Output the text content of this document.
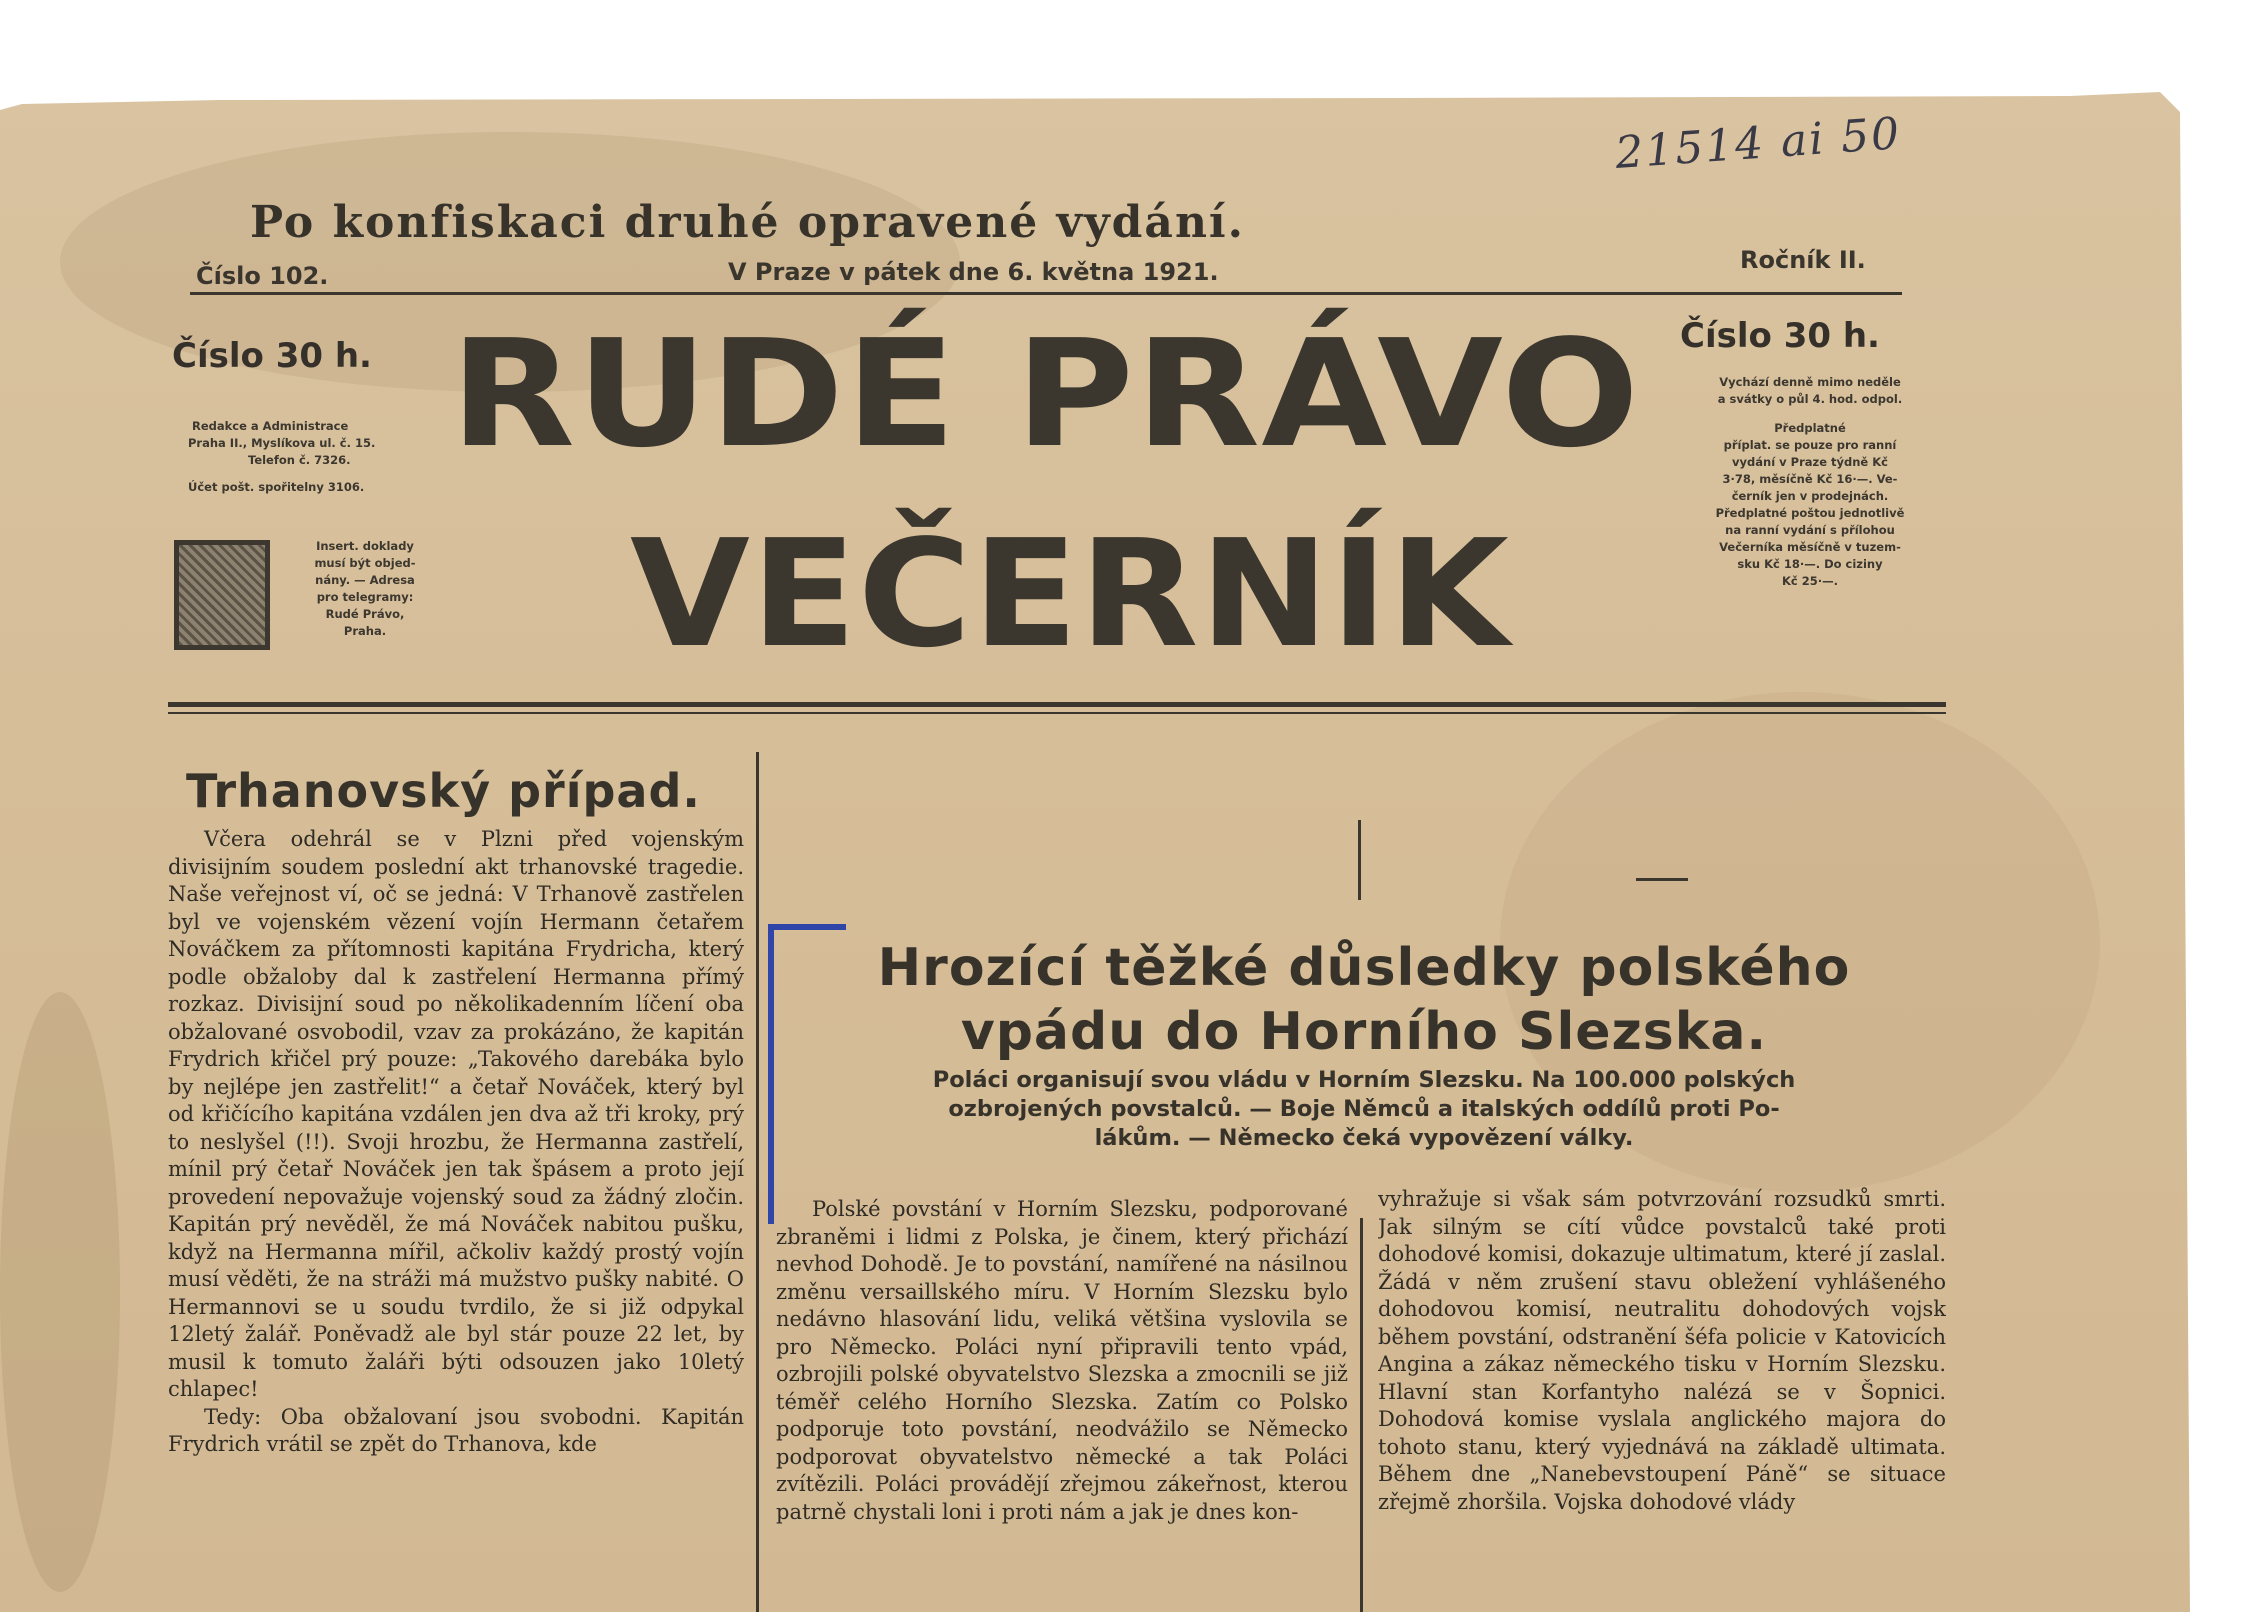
21514 ai 50
Po konfiskaci druhé opravené vydání.
Číslo 102.	V Praze v pátek dne 6. května 1921.	Ročník II.
Číslo 30 h.	Číslo 30 h.
RUDÉ PRÁVO
VEČERNÍK
Redakce a Administrace
Praha II., Myslíkova ul. č. 15.
Telefon č. 7326.
Účet pošt. spořitelny 3106.
Insert. doklady
musí být objed-
nány. — Adresa
pro telegramy:
Rudé Právo,
Praha.
Vychází denně mimo neděle
a svátky o půl 4. hod. odpol.
Předplatné
příplat. se pouze pro ranní
vydání v Praze týdně Kč
3·78, měsíčně Kč 16·—. Ve-
černík jen v prodejnách.
Předplatné poštou jednotlivě
na ranní vydání s přílohou
Večerníka měsíčně v tuzem-
sku Kč 18·—. Do ciziny
Kč 25·—.
Trhanovský případ.

Včera odehrál se v Plzni před vojenským divisijním soudem poslední akt trhanovské tragedie. Naše veřejnost ví, oč se jedná: V Trhanově zastřelen byl ve vojenském vězení vojín Hermann četařem Nováčkem za přítomnosti kapitána Frydricha, který podle obžaloby dal k zastřelení Hermanna přímý rozkaz. Divisijní soud po několikadenním líčení oba obžalované osvobodil, vzav za prokázáno, že kapitán Frydrich křičel prý pouze: „Takového darebáka bylo by nejlépe jen zastřelit!“ a četař Nováček, který byl od křičícího kapitána vzdálen jen dva až tři kroky, prý to neslyšel (!!). Svoji hrozbu, že Hermanna zastřelí, mínil prý četař Nováček jen tak špásem a proto její provedení nepovažuje vojenský soud za žádný zločin. Kapitán prý nevěděl, že má Nováček nabitou pušku, když na Hermanna mířil, ačkoliv každý prostý vojín musí věděti, že na stráži má mužstvo pušky nabité. O Hermannovi se u soudu tvrdilo, že si již odpykal 12letý žalář. Poněvadž ale byl stár pouze 22 let, by musil k tomuto žaláři býti odsouzen jako 10letý chlapec!

Tedy: Oba obžalovaní jsou svobodni. Kapitán Frydrich vrátil se zpět do Trhanova, kde

Hrozící těžké důsledky polského
vpádu do Horního Slezska.
Poláci organisují svou vládu v Horním Slezsku. Na 100.000 polských
ozbrojených povstalců. — Boje Němců a italských oddílů proti Po-
lákům. — Německo čeká vypovězení války.

Polské povstání v Horním Slezsku, podporované zbraněmi i lidmi z Polska, je činem, který přichází nevhod Dohodě. Je to povstání, namířené na násilnou změnu versaillského míru. V Horním Slezsku bylo nedávno hlasování lidu, veliká většina vyslovila se pro Německo. Poláci nyní připravili tento vpád, ozbrojili polské obyvatelstvo Slezska a zmocnili se již téměř celého Horního Slezska. Zatím co Polsko podporuje toto povstání, neodvážilo se Německo podporovat obyvatelstvo německé a tak Poláci zvítězili. Poláci provádějí zřejmou zákeřnost, kterou patrně chystali loni i proti nám a jak je dnes kon-

vyhražuje si však sám potvrzování rozsudků smrti. Jak silným se cítí vůdce povstalců také proti dohodové komisi, dokazuje ultimatum, které jí zaslal. Žádá v něm zrušení stavu obležení vyhlášeného dohodovou komisí, neutralitu dohodových vojsk během povstání, odstranění šéfa policie v Katovicích Angina a zákaz německého tisku v Horním Slezsku. Hlavní stan Korfantyho nalézá se v Šopnici. Dohodová komise vyslala anglického majora do tohoto stanu, který vyjednává na základě ultimata. Během dne „Nanebevstoupení Páně“ se situace zřejmě zhoršila. Vojska dohodové vlády
